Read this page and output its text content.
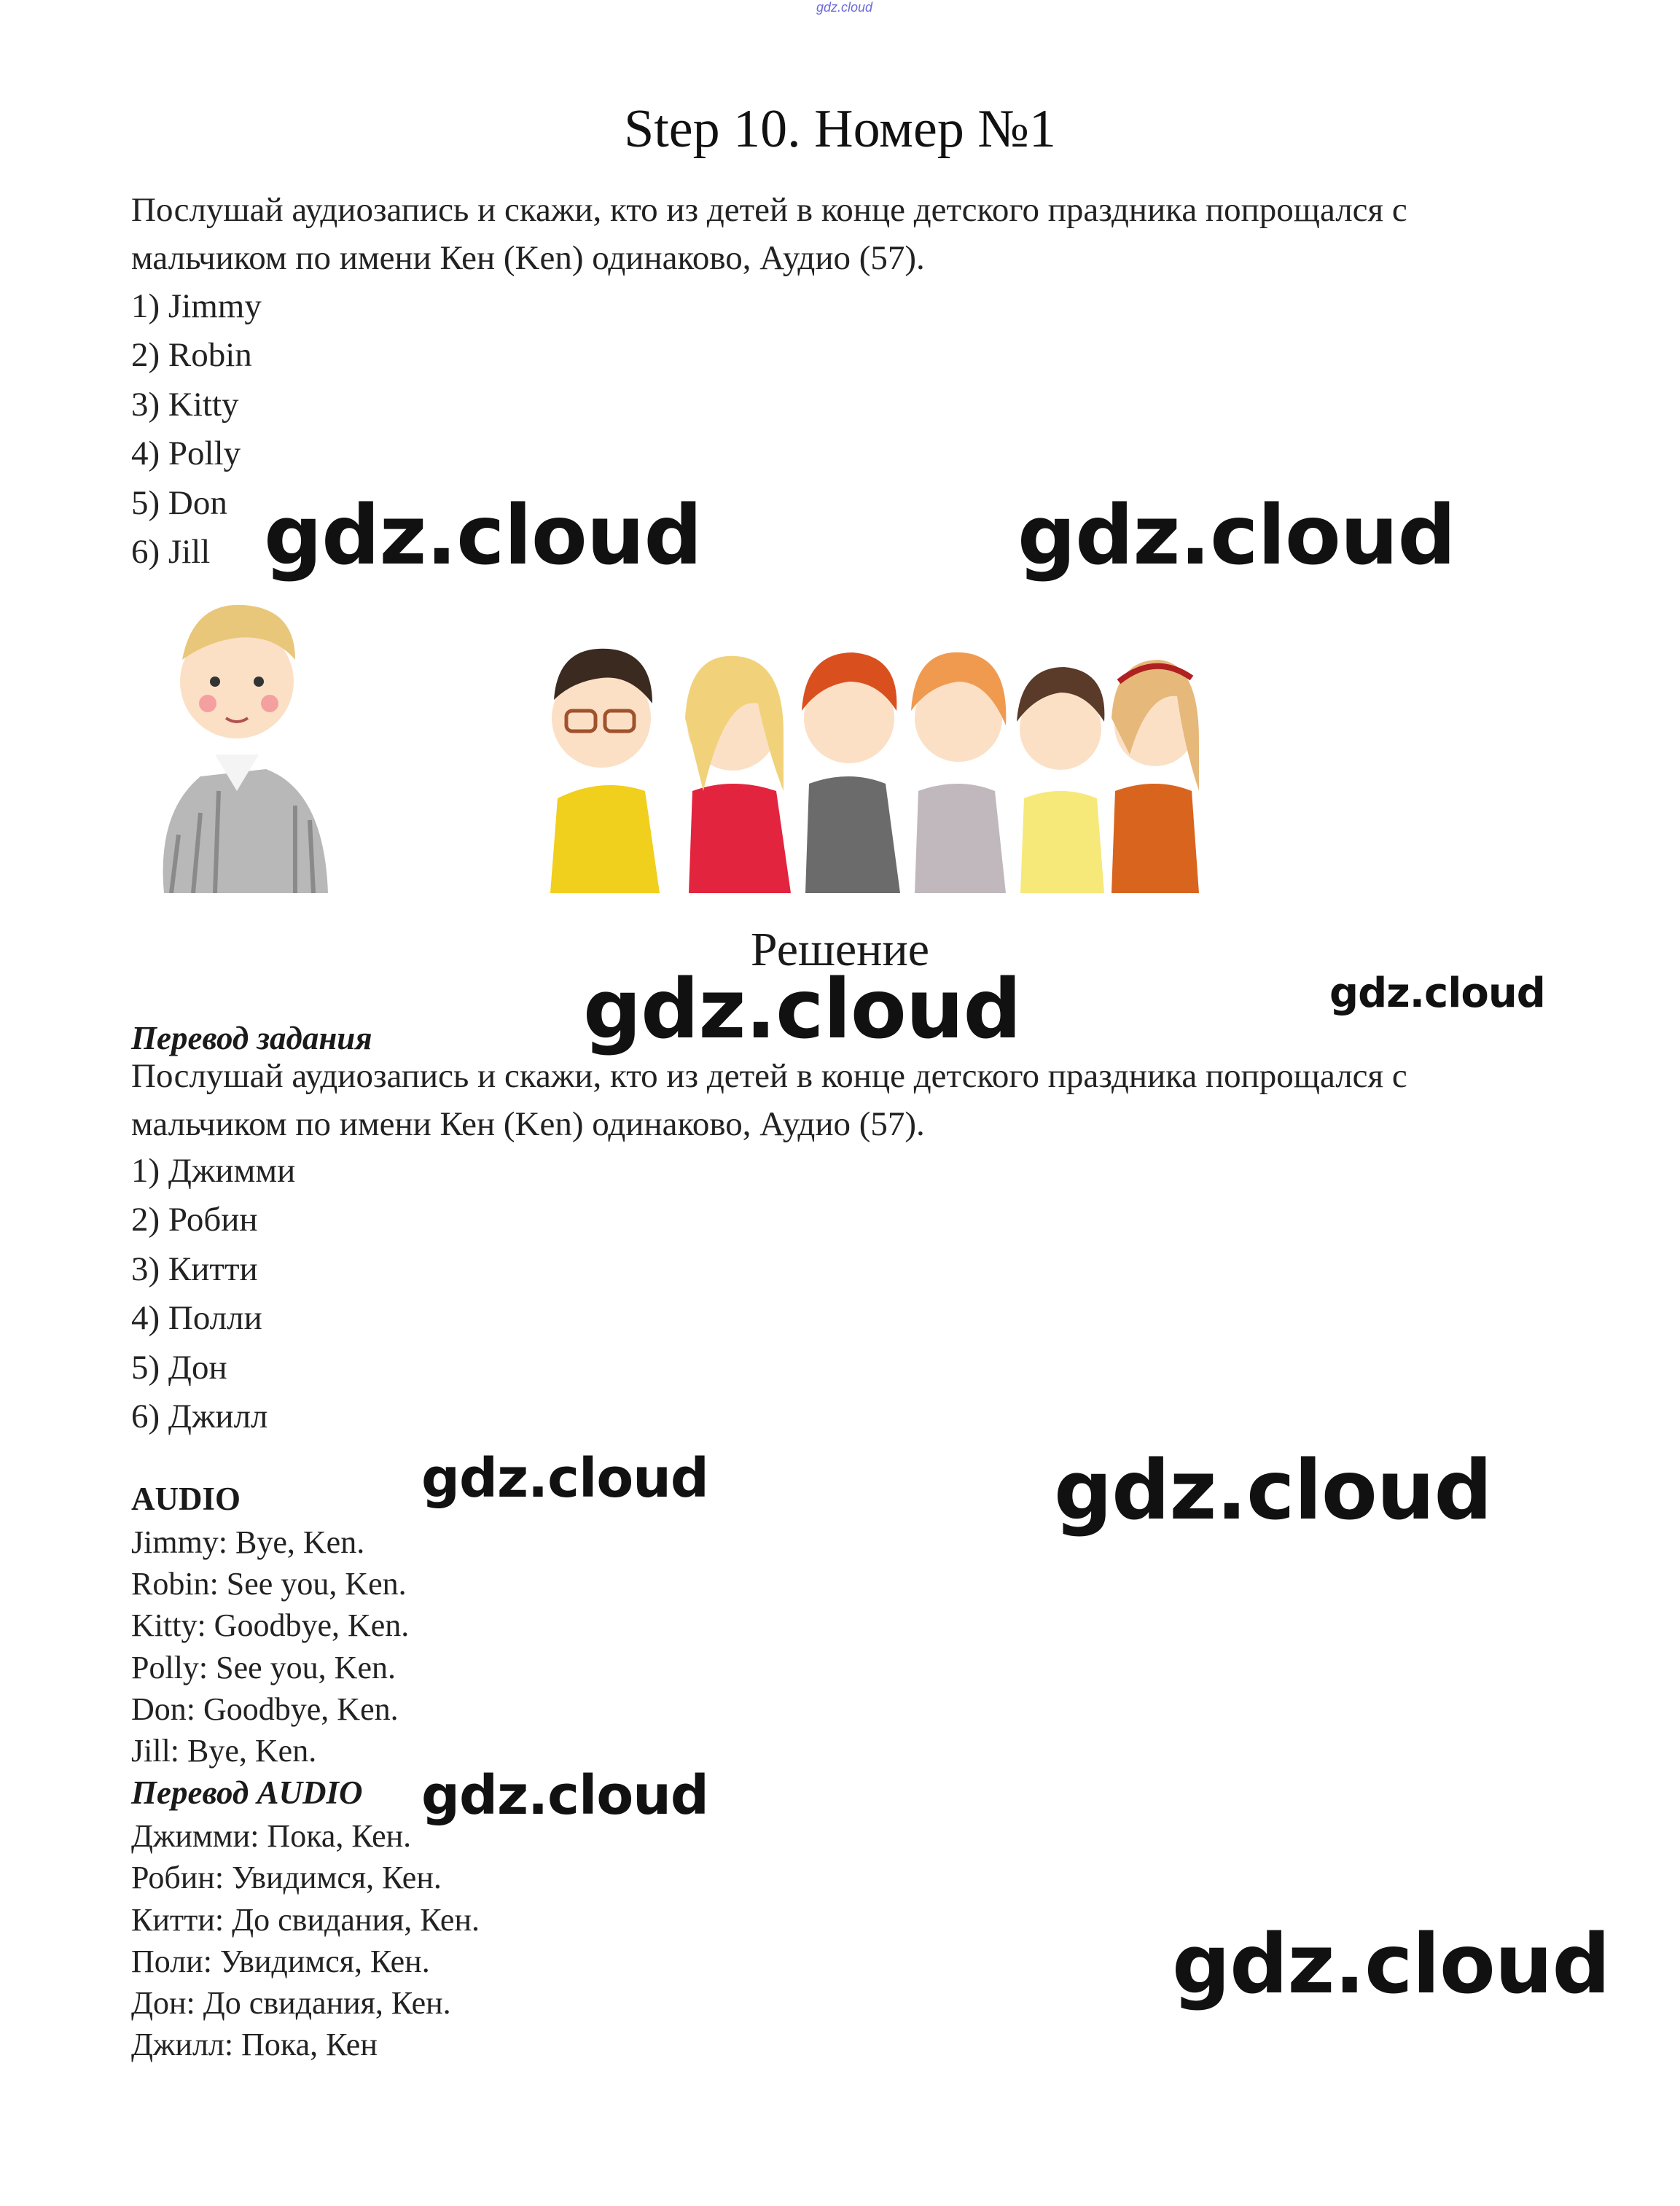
gdz.cloud
Step 10. Номер №1
Послушай аудиозапись и скажи, кто из детей в конце детского праздника попрощался с
мальчиком по имени Кен (Ken) одинаково, Аудио (57).
1) Jimmy
2) Robin
3) Kitty
4) Polly
5) Don
6) Jill gdz.cloud	gdz.cloud
Решение
Перевод задания	gdz.cloud	gdz.cloud
Послушай аудиозапись и скажи, кто из детей в конце детского праздника попрощался с
мальчиком по имени Кен (Ken) одинаково, Аудио (57).
1) Джимми
2) Робин
3) Китти
4) Полли
5) Дон
6) Джилл
AUDIO	gdz.cloud	gdz.cloud
Jimmy: Bye, Ken.
Robin: See you, Ken.
Kitty: Goodbye, Ken.
Polly: See you, Ken.
Don: Goodbye, Ken.
Jill: Bye, Ken.
Перевод AUDIO gdz.cloud
Джимми: Пока, Кен.
Робин: Увидимся, Кен.
Китти: До свидания, Кен.
Поли: Увидимся, Кен.
Дон: До свидания, Кен.
Джилл: Пока, Кен
gdz.cloud
